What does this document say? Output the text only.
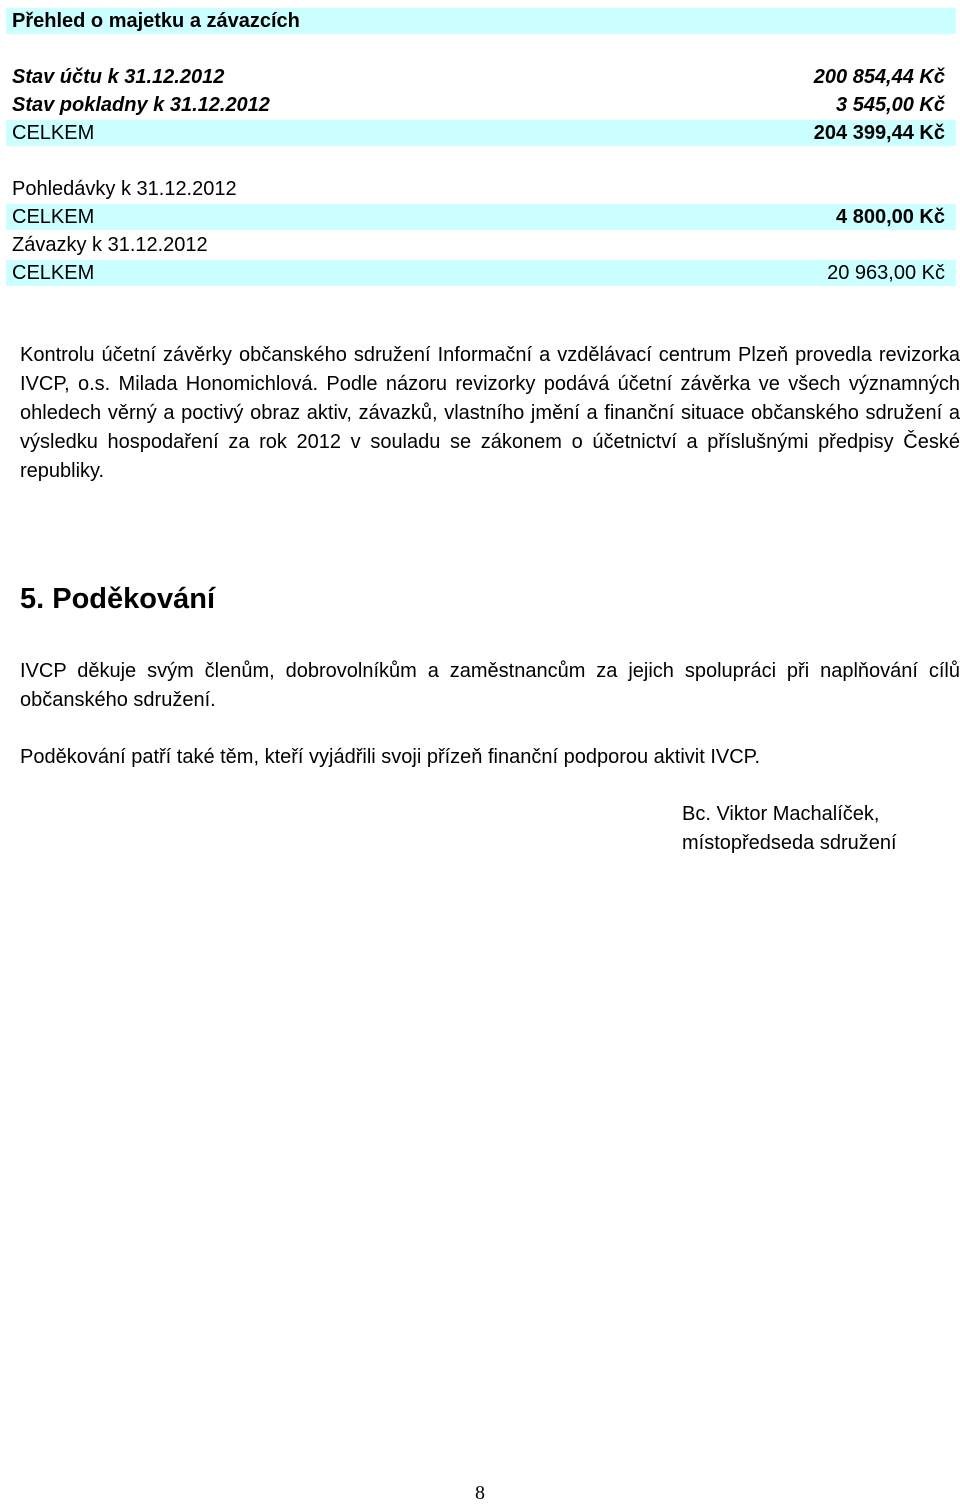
Přehled o majetku a závazcích
Stav účtu k 31.12.2012	200 854,44 Kč
Stav pokladny k 31.12.2012	3 545,00 Kč
CELKEM	204 399,44 Kč
Pohledávky k 31.12.2012
CELKEM	4 800,00 Kč
Závazky k 31.12.2012
CELKEM	20 963,00 Kč

Kontrolu účetní závěrky občanského sdružení Informační a vzdělávací centrum Plzeň provedla revizorka IVCP, o.s. Milada Honomichlová. Podle názoru revizorky podává účetní závěrka ve všech významných ohledech věrný a poctivý obraz aktiv, závazků, vlastního jmění a finanční situace občanského sdružení a výsledku hospodaření za rok 2012 v souladu se zákonem o účetnictví a příslušnými předpisy České republiky.

5. Poděkování

IVCP děkuje svým členům, dobrovolníkům a zaměstnancům za jejich spolupráci při naplňování cílů občanského sdružení.

Poděkování patří také těm, kteří vyjádřili svoji přízeň finanční podporou aktivit IVCP.

Bc. Viktor Machalíček,
místopředseda sdružení
8
